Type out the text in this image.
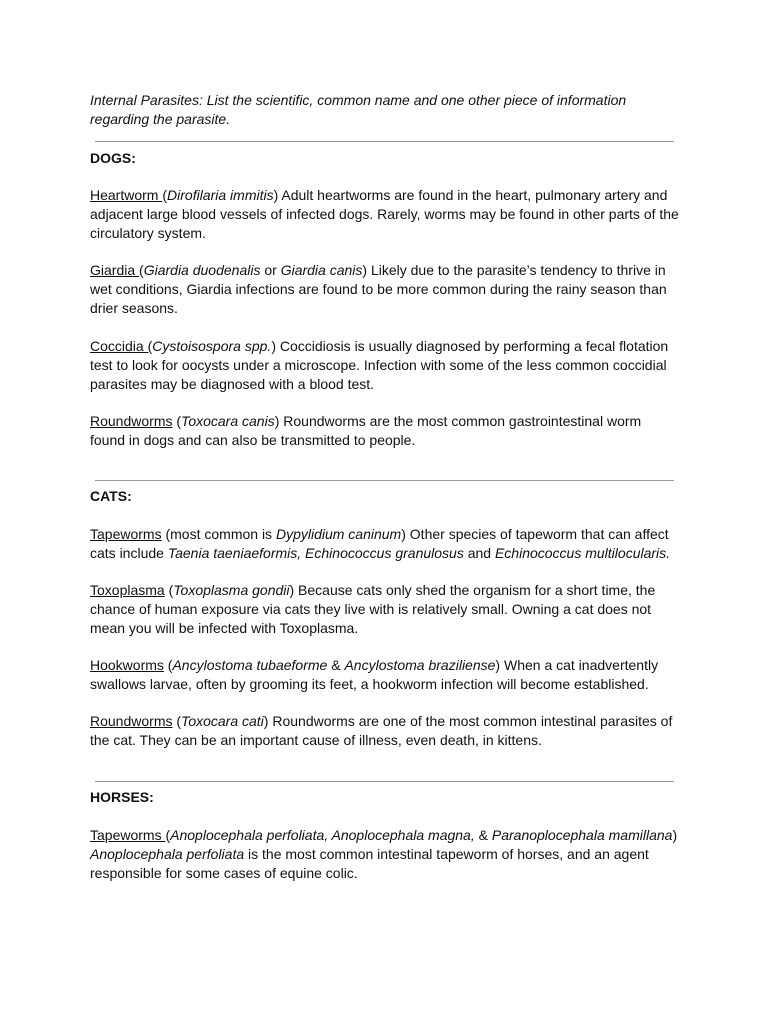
Internal Parasites: List the scientific, common name and one other piece of information regarding the parasite.
DOGS:
Heartworm (Dirofilaria immitis) Adult heartworms are found in the heart, pulmonary artery and adjacent large blood vessels of infected dogs. Rarely, worms may be found in other parts of the circulatory system.
Giardia (Giardia duodenalis or Giardia canis) Likely due to the parasite’s tendency to thrive in wet conditions, Giardia infections are found to be more common during the rainy season than drier seasons.
Coccidia (Cystoisospora spp.) Coccidiosis is usually diagnosed by performing a fecal flotation test to look for oocysts under a microscope. Infection with some of the less common coccidial parasites may be diagnosed with a blood test.
Roundworms (Toxocara canis) Roundworms are the most common gastrointestinal worm found in dogs and can also be transmitted to people.
CATS:
Tapeworms (most common is Dypylidium caninum) Other species of tapeworm that can affect cats include Taenia taeniaeformis, Echinococcus granulosus and Echinococcus multilocularis.
Toxoplasma (Toxoplasma gondii) Because cats only shed the organism for a short time, the chance of human exposure via cats they live with is relatively small. Owning a cat does not mean you will be infected with Toxoplasma.
Hookworms (Ancylostoma tubaeforme & Ancylostoma braziliense) When a cat inadvertently swallows larvae, often by grooming its feet, a hookworm infection will become established.
Roundworms (Toxocara cati) Roundworms are one of the most common intestinal parasites of the cat. They can be an important cause of illness, even death, in kittens.
HORSES:
Tapeworms (Anoplocephala perfoliata, Anoplocephala magna, & Paranoplocephala mamillana)
Anoplocephala perfoliata is the most common intestinal tapeworm of horses, and an agent responsible for some cases of equine colic.
